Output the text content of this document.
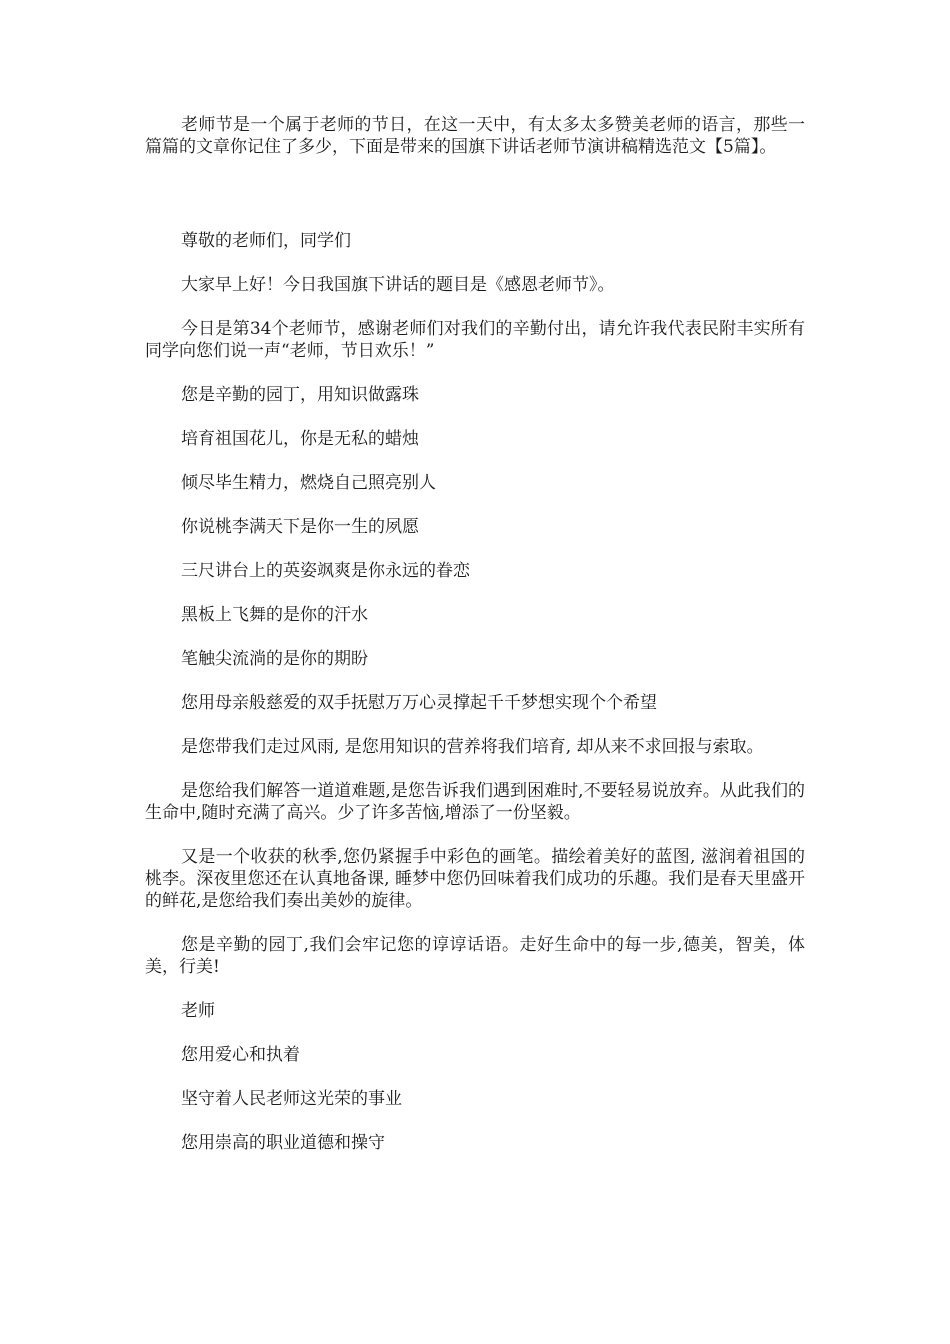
老师节是一个属于老师的节日，在这一天中，有太多太多赞美老师的语言，那些一篇篇的文章你记住了多少，下面是带来的国旗下讲话老师节演讲稿精选范文【5篇】。

尊敬的老师们，同学们

大家早上好！今日我国旗下讲话的题目是《感恩老师节》。

今日是第34个老师节，感谢老师们对我们的辛勤付出，请允许我代表民附丰实所有同学向您们说一声“老师，节日欢乐！”

您是辛勤的园丁，用知识做露珠

培育祖国花儿，你是无私的蜡烛

倾尽毕生精力，燃烧自己照亮别人

你说桃李满天下是你一生的夙愿

三尺讲台上的英姿飒爽是你永远的眷恋

黑板上飞舞的是你的汗水

笔触尖流淌的是你的期盼

您用母亲般慈爱的双手抚慰万万心灵撑起千千梦想实现个个希望

是您带我们走过风雨, 是您用知识的营养将我们培育, 却从来不求回报与索取。

是您给我们解答一道道难题,是您告诉我们遇到困难时,不要轻易说放弃。从此我们的生命中,随时充满了高兴。少了许多苦恼,增添了一份坚毅。

又是一个收获的秋季,您仍紧握手中彩色的画笔。描绘着美好的蓝图, 滋润着祖国的桃李。深夜里您还在认真地备课, 睡梦中您仍回味着我们成功的乐趣。我们是春天里盛开的鲜花,是您给我们奏出美妙的旋律。

您是辛勤的园丁,我们会牢记您的谆谆话语。走好生命中的每一步,德美，智美，体美，行美!

老师

您用爱心和执着

坚守着人民老师这光荣的事业

您用崇高的职业道德和操守
